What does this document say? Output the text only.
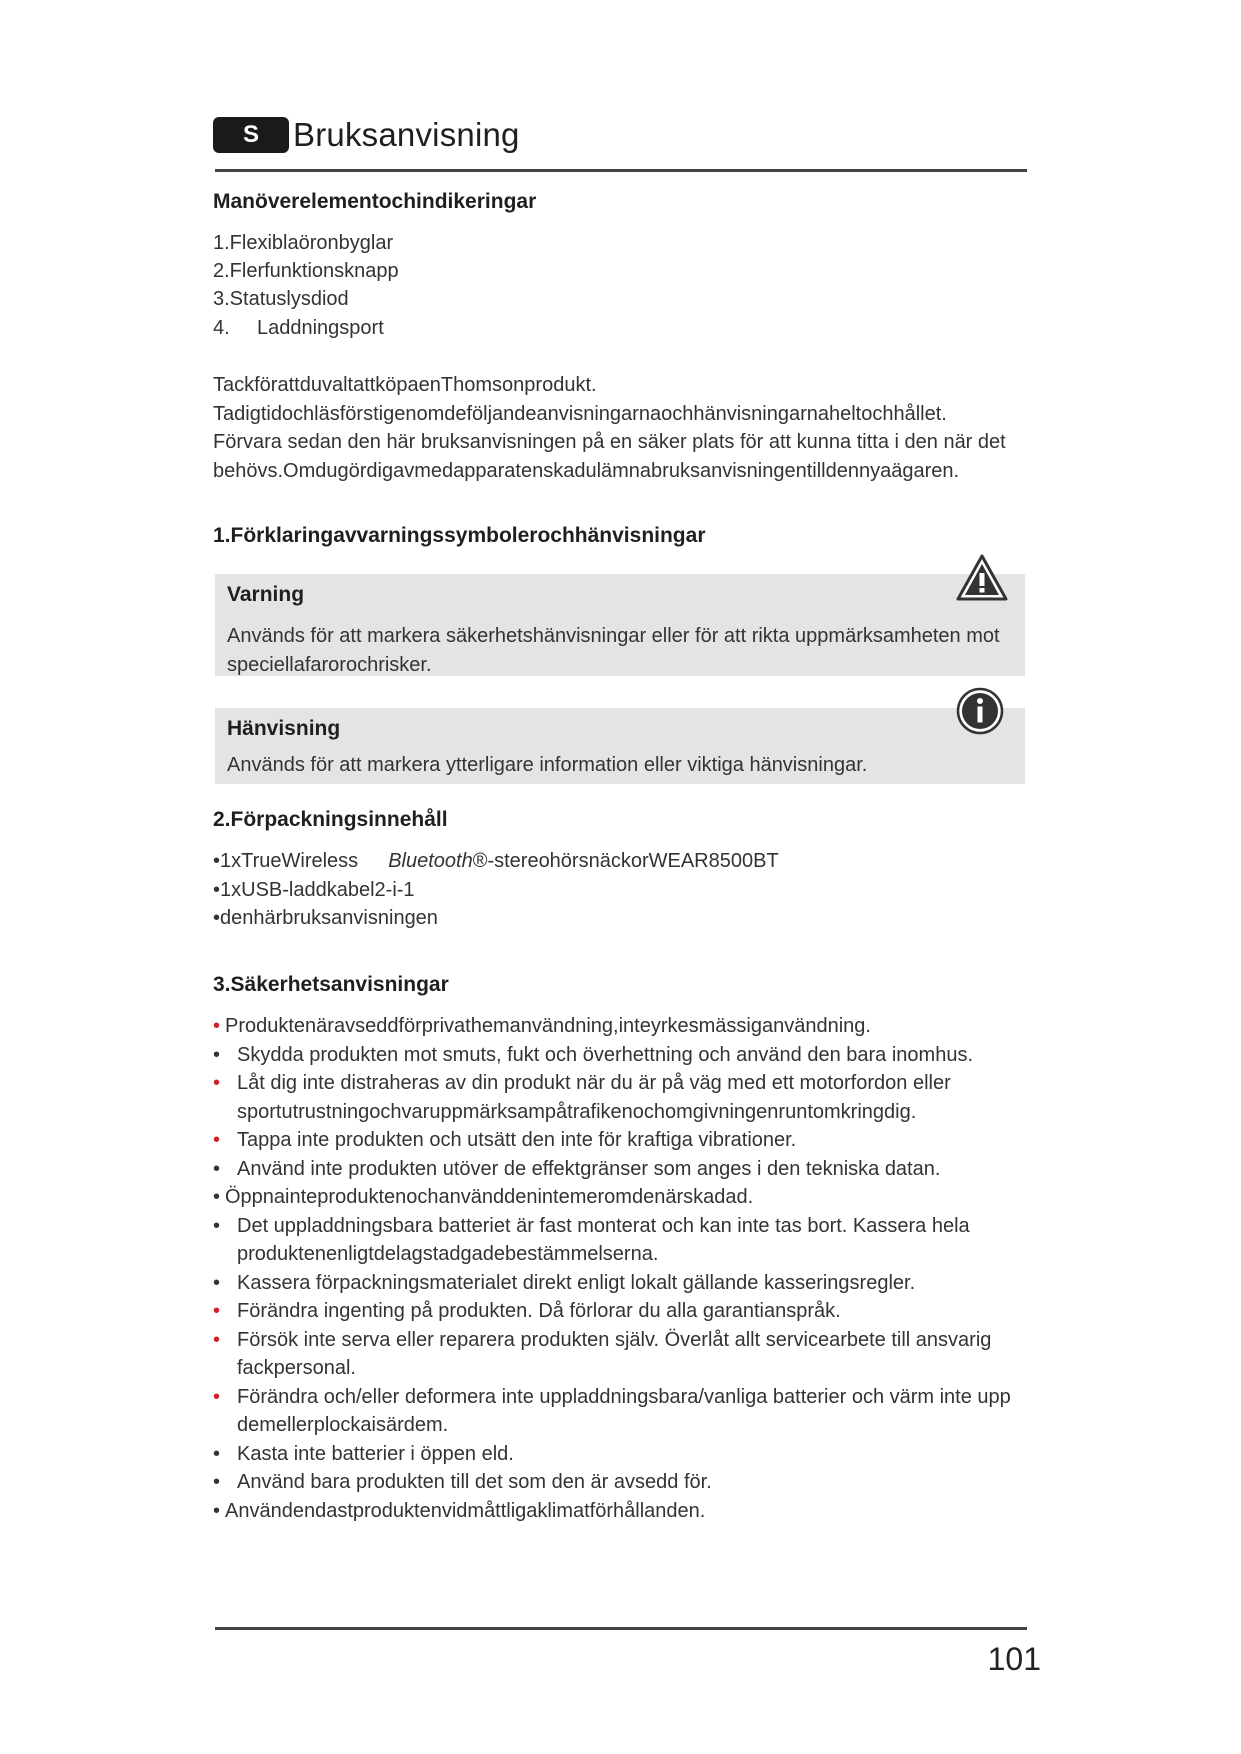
S	Bruksanvisning
Manöverelementochindikeringar
1.Flexiblaöronbyglar
2.Flerfunktionsknapp
3.Statuslysdiod
4. Laddningsport
TackförattduvaltattköpaenThomsonprodukt.
Tadigtidochläsförstigenomdeföljandeanvisningarnaochhänvisningarnaheltochhållet.
Förvara sedan den här bruksanvisningen på en säker plats för att kunna titta i den när det
behövs.Omdugördigavmedapparatenskadulämnabruksanvisningentilldennyaägaren.
1.Förklaringavvarningssymbolerochhänvisningar
Varning
Används för att markera säkerhetshänvisningar eller för att rikta uppmärksamheten mot
speciellafarorochrisker.
Hänvisning
Används för att markera ytterligare information eller viktiga hänvisningar.
2.Förpackningsinnehåll
•1xTrueWireless Bluetooth®-stereohörsnäckorWEAR8500BT
•1xUSB-laddkabel2-i-1
•denhärbruksanvisningen
3.Säkerhetsanvisningar
• Produktenäravseddförprivathemanvändning,inteyrkesmässiganvändning.
• Skydda produkten mot smuts, fukt och överhettning och använd den bara inomhus.
• Låt dig inte distraheras av din produkt när du är på väg med ett motorfordon eller
sportutrustningochvaruppmärksampåtrafikenochomgivningenruntomkringdig.
• Tappa inte produkten och utsätt den inte för kraftiga vibrationer.
• Använd inte produkten utöver de effektgränser som anges i den tekniska datan.
• Öppnainteproduktenochanvänddenintemeromdenärskadad.
• Det uppladdningsbara batteriet är fast monterat och kan inte tas bort. Kassera hela
produktenenligtdelagstadgadebestämmelserna.
• Kassera förpackningsmaterialet direkt enligt lokalt gällande kasseringsregler.
• Förändra ingenting på produkten. Då förlorar du alla garantianspråk.
• Försök inte serva eller reparera produkten själv. Överlåt allt servicearbete till ansvarig
fackpersonal.
• Förändra och/eller deformera inte uppladdningsbara/vanliga batterier och värm inte upp
demellerplockaisärdem.
• Kasta inte batterier i öppen eld.
• Använd bara produkten till det som den är avsedd för.
• Användendastproduktenvidmåttligaklimatförhållanden.
101
